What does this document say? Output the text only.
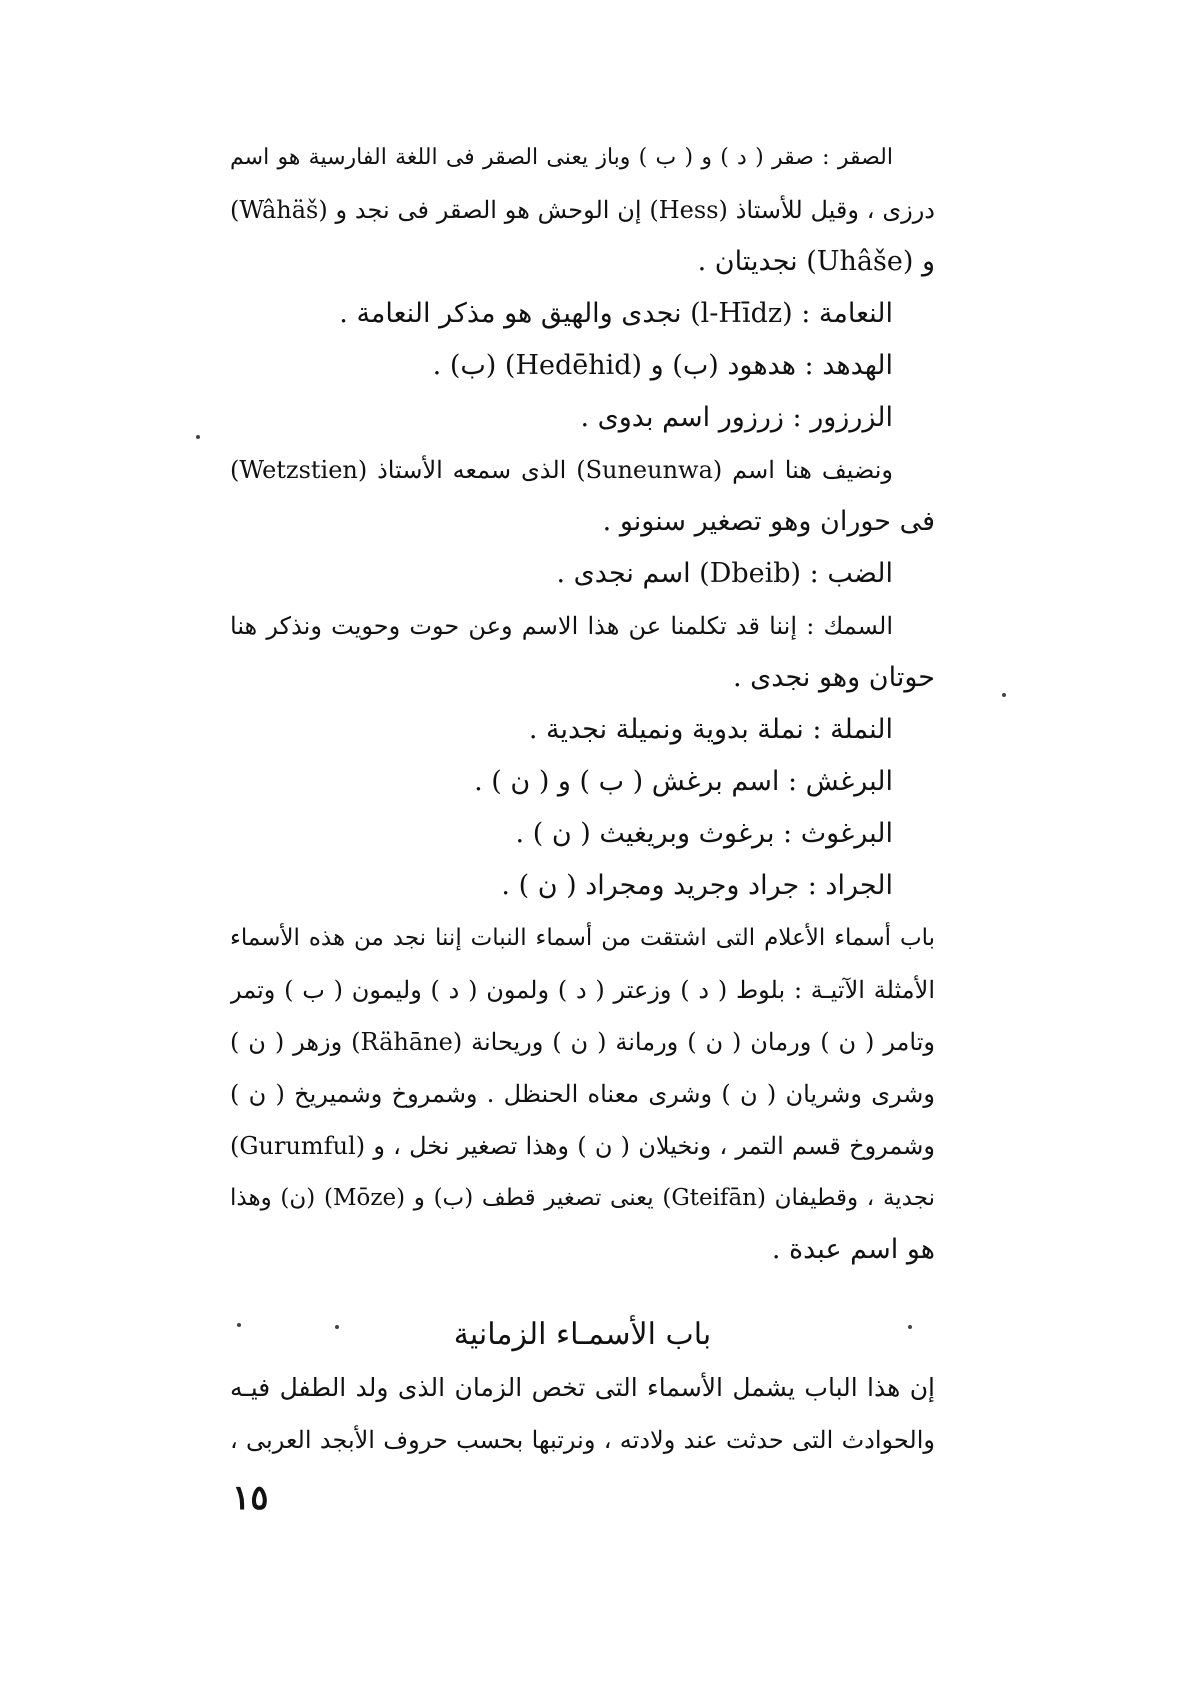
الصقر : صقر ( د ) و ( ب ) وباز يعنى الصقر فى اللغة الفارسية هو اسم
درزى ، وقيل للأستاذ (Hess) إن الوحش هو الصقر فى نجد و (Wâhäš)
و (Uhâše) نجديتان .
النعامة : (l-Hīdz) نجدى والهيق هو مذكر النعامة .
الهدهد : هدهود (ب) و (Hedēhid) (ب) .
الزرزور : زرزور اسم بدوى .
ونضيف هنا اسم (Suneunwa) الذى سمعه الأستاذ (Wetzstien)
فى حوران وهو تصغير سنونو .
الضب : (Dbeib) اسم نجدى .
السمك : إننا قد تكلمنا عن هذا الاسم وعن حوت وحويت ونذكر هنا
حوتان وهو نجدى .
النملة : نملة بدوية ونميلة نجدية .
البرغش : اسم برغش ( ب ) و ( ن ) .
البرغوث : برغوث وبريغيث ( ن ) .
الجراد : جراد وجريد ومجراد ( ن ) .
باب أسماء الأعلام التى اشتقت من أسماء النبات إننا نجد من هذه الأسماء
الأمثلة الآتيـة : بلوط ( د ) وزعتر ( د ) ولمون ( د ) وليمون ( ب ) وتمر
وتامر ( ن ) ورمان ( ن ) ورمانة ( ن ) وريحانة (Rähāne) وزهر ( ن )
وشرى وشريان ( ن ) وشرى معناه الحنظل . وشمروخ وشميريخ ( ن )
وشمروخ قسم التمر ، ونخيلان ( ن ) وهذا تصغير نخل ، و (Gurumful)
نجدية ، وقطيفان (Gteifān) يعنى تصغير قطف (ب) و (Mōze) (ن) وهذا
هو اسم عبدة .
باب الأسمـاء الزمانية
إن هذا الباب يشمل الأسماء التى تخص الزمان الذى ولد الطفل فيـه
والحوادث التى حدثت عند ولادته ، ونرتبها بحسب حروف الأبجد العربى ،
١٥
